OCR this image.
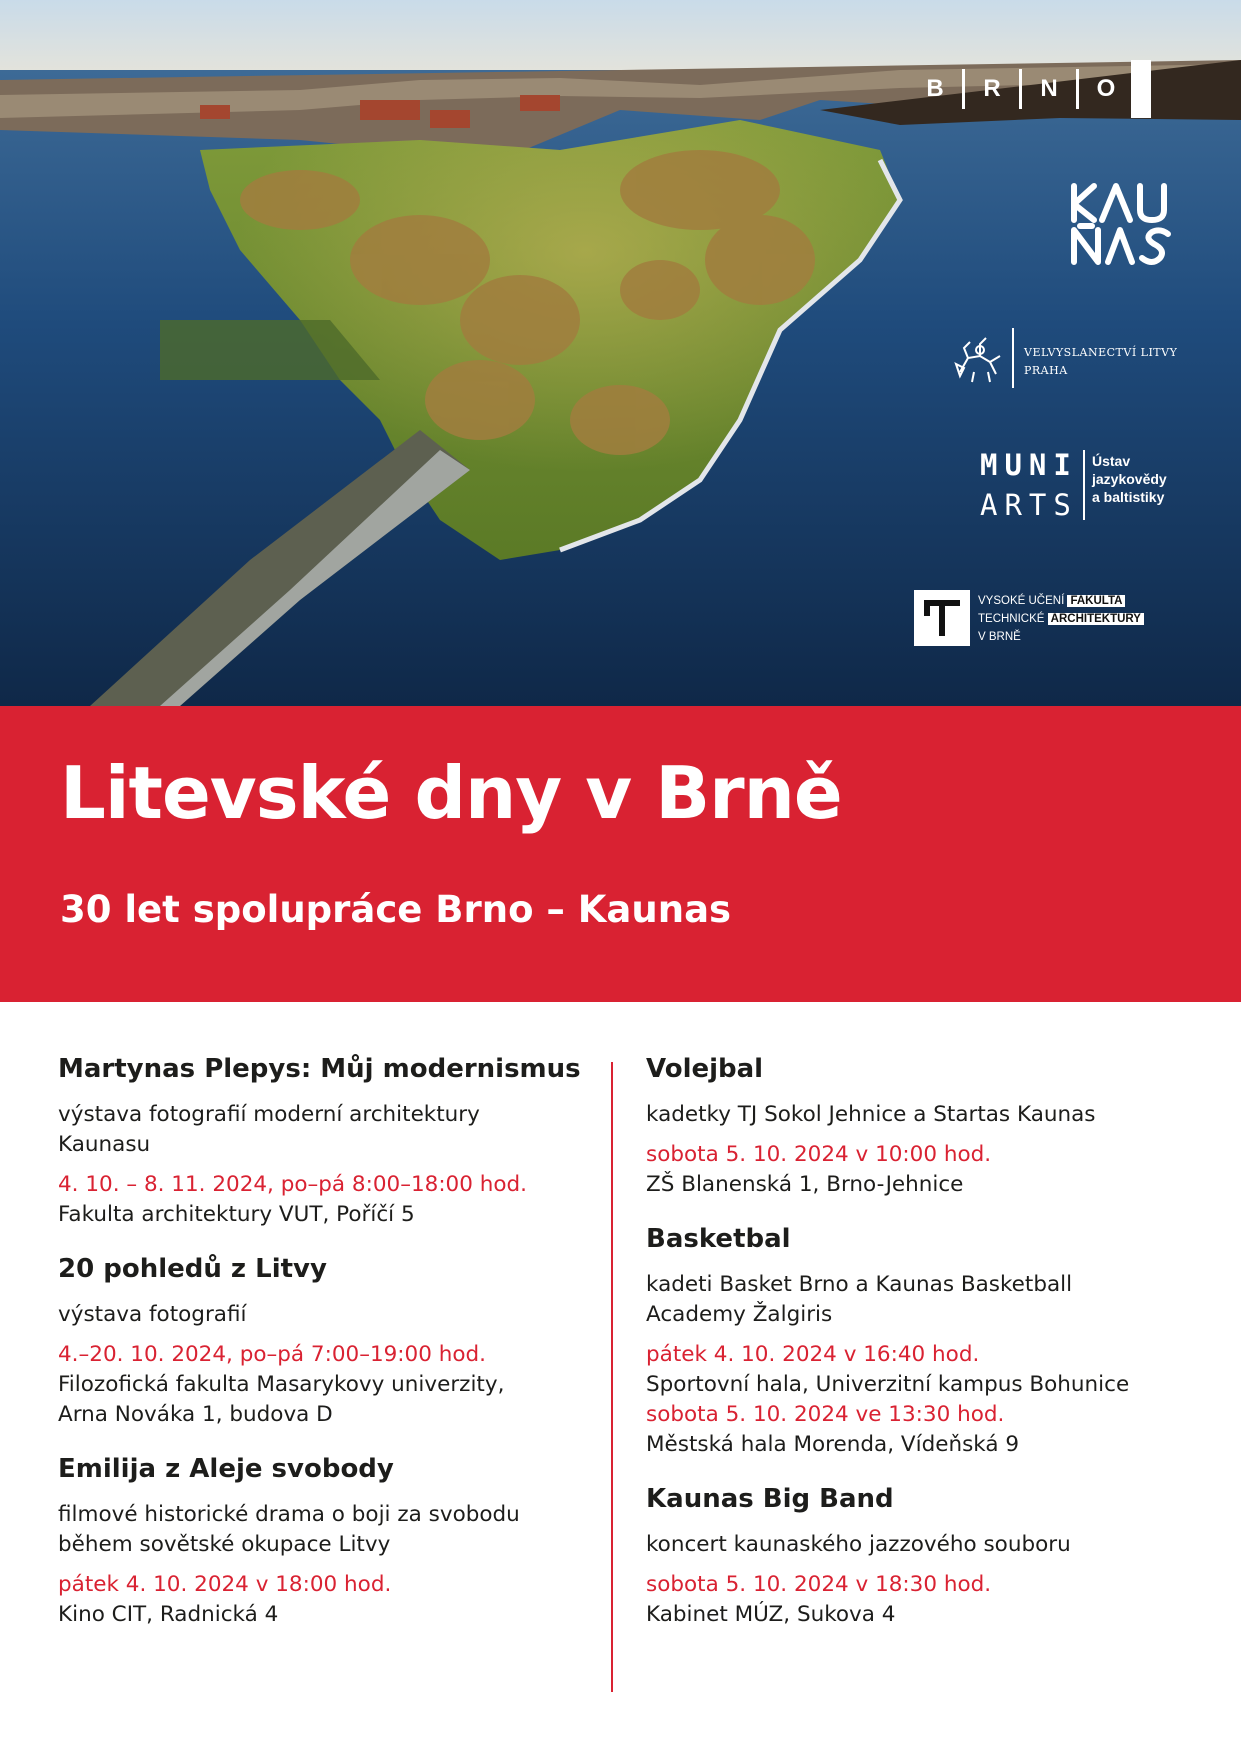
B	R	N	O
VELVYSLANECTVÍ LITVY
PRAHA
MUNI
ARTS
Ústav
jazykovědy
a baltistiky
VYSOKÉ UČENÍ FAKULTA
TECHNICKÉ ARCHITEKTURY
V BRNĚ
Litevské dny v Brně
30 let spolupráce Brno – Kaunas
Martynas Plepys: Můj modernismus

výstava fotografií moderní architektury

Kaunasu

4. 10. – 8. 11. 2024, po–pá 8:00–18:00 hod.

Fakulta architektury VUT, Poříčí 5

20 pohledů z Litvy

výstava fotografií

4.–20. 10. 2024, po–pá 7:00–19:00 hod.

Filozofická fakulta Masarykovy univerzity,

Arna Nováka 1, budova D

Emilija z Aleje svobody

filmové historické drama o boji za svobodu

během sovětské okupace Litvy

pátek 4. 10. 2024 v 18:00 hod.

Kino CIT, Radnická 4

Volejbal

kadetky TJ Sokol Jehnice a Startas Kaunas

sobota 5. 10. 2024 v 10:00 hod.

ZŠ Blanenská 1, Brno-Jehnice

Basketbal

kadeti Basket Brno a Kaunas Basketball

Academy Žalgiris

pátek 4. 10. 2024 v 16:40 hod.

Sportovní hala, Univerzitní kampus Bohunice

sobota 5. 10. 2024 ve 13:30 hod.

Městská hala Morenda, Vídeňská 9

Kaunas Big Band

koncert kaunaského jazzového souboru

sobota 5. 10. 2024 v 18:30 hod.

Kabinet MÚZ, Sukova 4
